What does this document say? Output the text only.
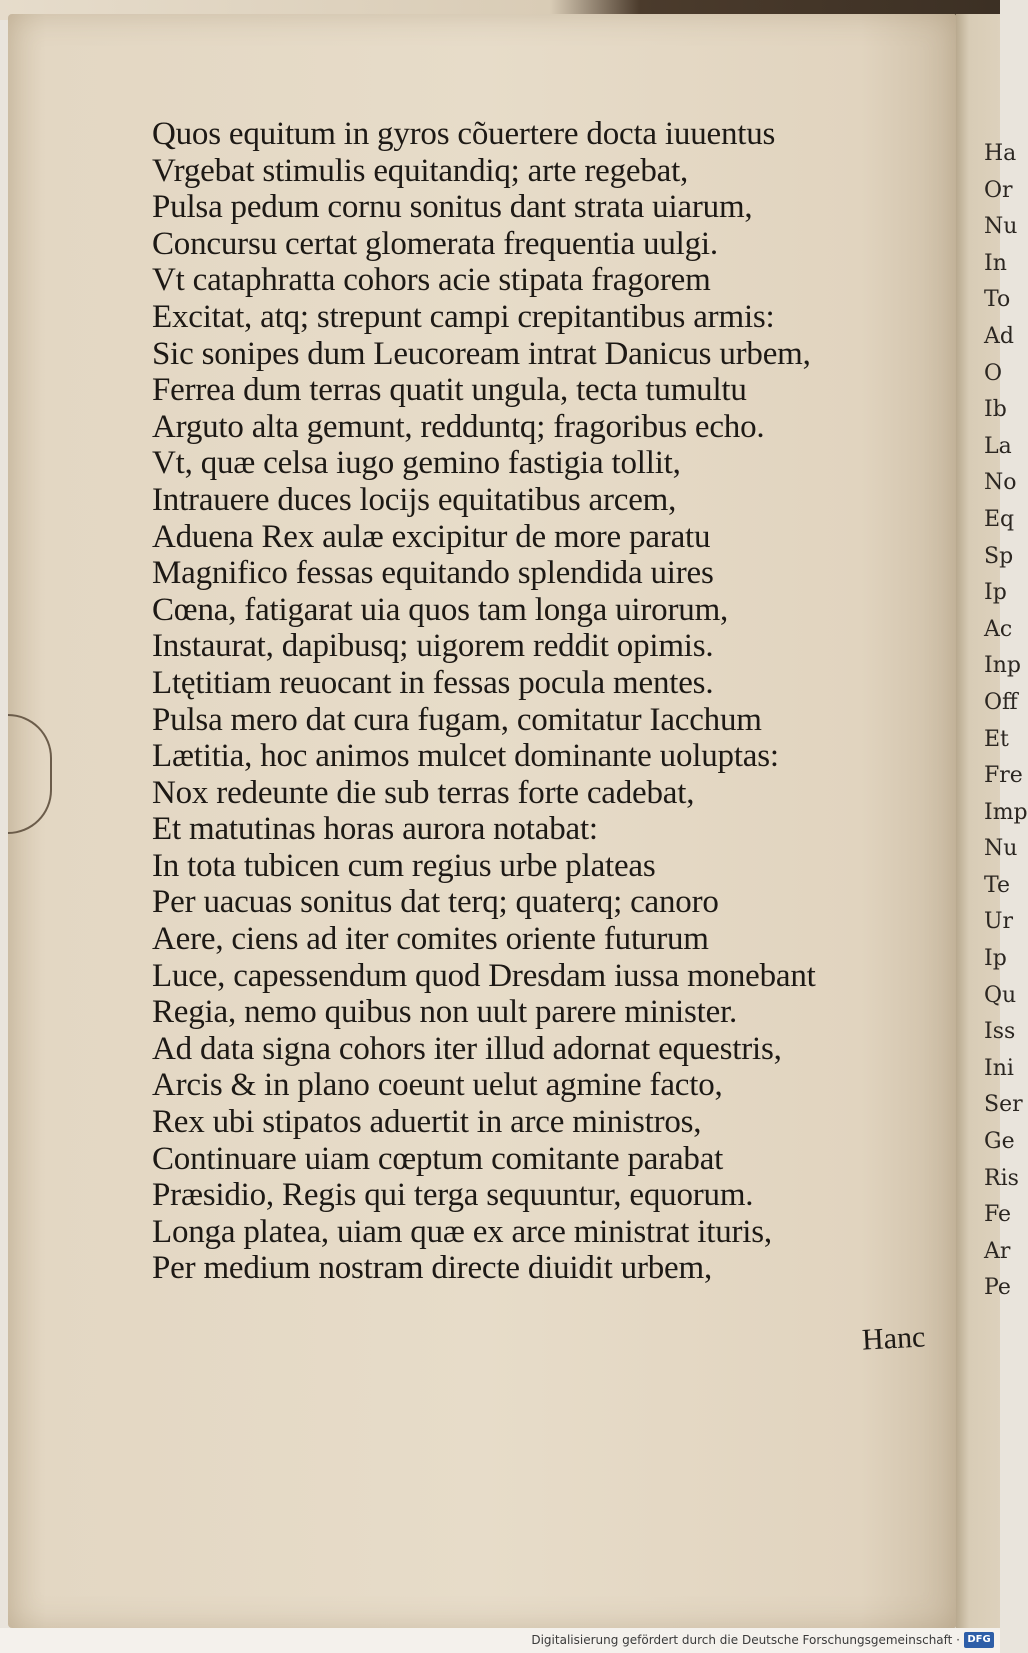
Ha
Or
Nu
In
To
Ad
O
Ib
La
No
Eq
Sp
Ip
Ac
Inp
Off
Et
Fre
Imp
Nu
Te
Ur
Ip
Qu
Iss
Ini
Ser
Ge
Ris
Fe
Ar
Pe
Quos equitum in gyros cõuertere docta iuuentus
Vrgebat stimulis equitandiq; arte regebat,
Pulsa pedum cornu sonitus dant strata uiarum,
Concursu certat glomerata frequentia uulgi.
Vt cataphratta cohors acie stipata fragorem
Excitat, atq; strepunt campi crepitantibus armis:
Sic sonipes dum Leucoream intrat Danicus urbem,
Ferrea dum terras quatit ungula, tecta tumultu
Arguto alta gemunt, redduntq; fragoribus echo.
Vt, quæ celsa iugo gemino fastigia tollit,
Intrauere duces locijs equitatibus arcem,
Aduena Rex aulæ excipitur de more paratu
Magnifico fessas equitando splendida uires
Cœna, fatigarat uia quos tam longa uirorum,
Instaurat, dapibusq; uigorem reddit opimis.
Ltętitiam reuocant in fessas pocula mentes.
Pulsa mero dat cura fugam, comitatur Iacchum
Lætitia, hoc animos mulcet dominante uoluptas:
Nox redeunte die sub terras forte cadebat,
Et matutinas horas aurora notabat:
In tota tubicen cum regius urbe plateas
Per uacuas sonitus dat terq; quaterq; canoro
Aere, ciens ad iter comites oriente futurum
Luce, capessendum quod Dresdam iussa monebant
Regia, nemo quibus non uult parere minister.
Ad data signa cohors iter illud adornat equestris,
Arcis & in plano coeunt uelut agmine facto,
Rex ubi stipatos aduertit in arce ministros,
Continuare uiam cœptum comitante parabat
Præsidio, Regis qui terga sequuntur, equorum.
Longa platea, uiam quæ ex arce ministrat ituris,
Per medium nostram directe diuidit urbem,
Hanc
Digitalisierung gefördert durch die Deutsche Forschungsgemeinschaft · DFG
